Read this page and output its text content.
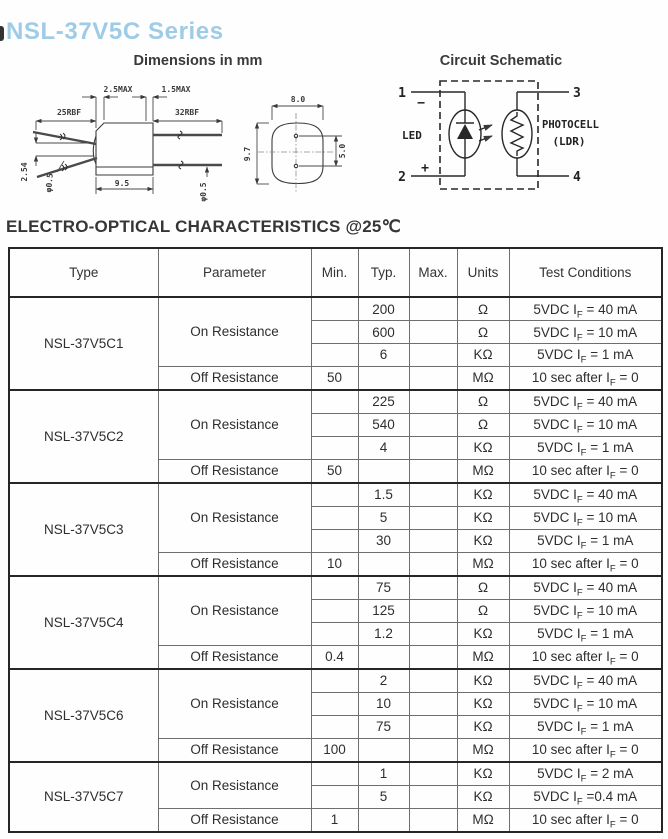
NSL-37V5C Series
Dimensions in mm	Circuit Schematic
2.5MAX	1.5MAX
25RBF	32RBF
9.5
2.54
φ0.5	φ0.5
8.0
9.7	5.0
1
−
2
+
3
4
LED
PHOTOCELL
(LDR)
ELECTRO-OPTICAL CHARACTERISTICS @25℃
Type	Parameter	Min.	Typ.	Max.	Units	Test Conditions
NSL-37V5C1	On Resistance		200		Ω	5VDC $I_F = 40$ mA
			600		Ω	5VDC $I_F = 10$ mA
			6		KΩ	5VDC $I_F = 1$ mA
	Off Resistance	50			MΩ	10 sec after $I_F = 0$
NSL-37V5C2	On Resistance		225		Ω	5VDC $I_F = 40$ mA
			540		Ω	5VDC $I_F = 10$ mA
			4		KΩ	5VDC $I_F = 1$ mA
	Off Resistance	50			MΩ	10 sec after $I_F = 0$
NSL-37V5C3	On Resistance		1.5		KΩ	5VDC $I_F = 40$ mA
			5		KΩ	5VDC $I_F = 10$ mA
			30		KΩ	5VDC $I_F = 1$ mA
	Off Resistance	10			MΩ	10 sec after $I_F = 0$
NSL-37V5C4	On Resistance		75		Ω	5VDC $I_F = 40$ mA
			125		Ω	5VDC $I_F = 10$ mA
			1.2		KΩ	5VDC $I_F = 1$ mA
	Off Resistance	0.4			MΩ	10 sec after $I_F = 0$
NSL-37V5C6	On Resistance		2		KΩ	5VDC $I_F = 40$ mA
			10		KΩ	5VDC $I_F = 10$ mA
			75		KΩ	5VDC $I_F = 1$ mA
	Off Resistance	100			MΩ	10 sec after $I_F = 0$
NSL-37V5C7	On Resistance		1		KΩ	5VDC $I_F = 2$ mA
			5		KΩ	5VDC $I_F =0.4$ mA
	Off Resistance	1			MΩ	10 sec after $I_F = 0$
